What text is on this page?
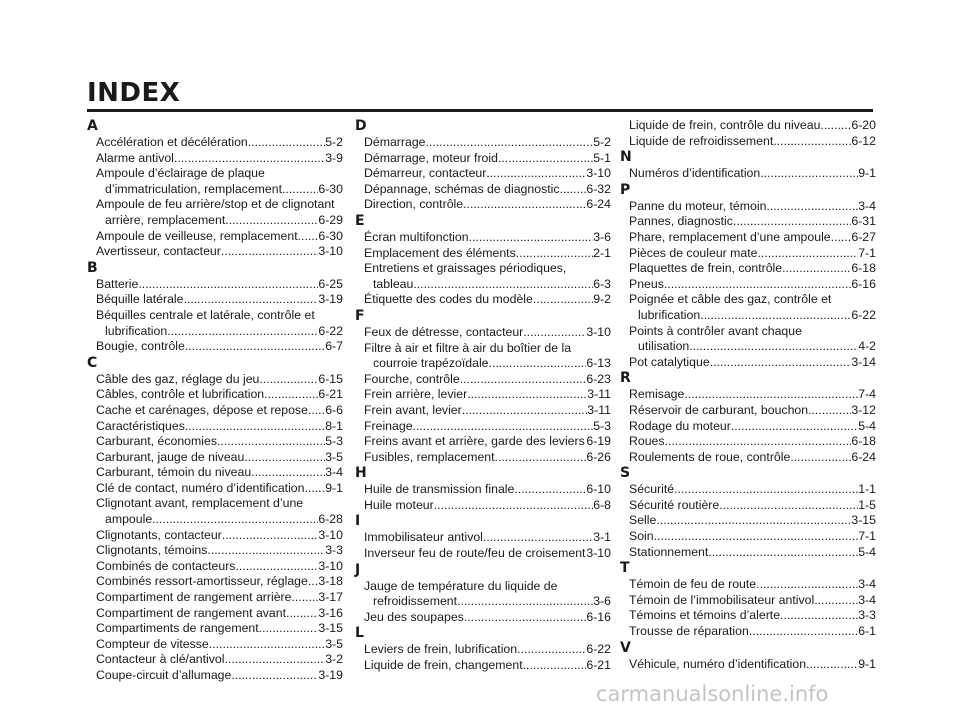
INDEX
A
Accélération et décélération .....	5-2
Alarme antivol .....	3-9
Ampoule d’éclairage de plaque
d’immatriculation, remplacement .....	6-30
Ampoule de feu arrière/stop et de clignotant
arrière, remplacement .....	6-29
Ampoule de veilleuse, remplacement ..... 6-30
Avertisseur, contacteur .....	3-10
B
Batterie .....	6-25
Béquille latérale .....	3-19
Béquilles centrale et latérale, contrôle et
lubrification .....	6-22
Bougie, contrôle .....	6-7
C
Câble des gaz, réglage du jeu .....	6-15
Câbles, contrôle et lubrification .....	6-21
Cache et carénages, dépose et repose ..... 6-6
Caractéristiques .....	8-1
Carburant, économies .....	5-3
Carburant, jauge de niveau .....	3-5
Carburant, témoin du niveau .....	3-4
Clé de contact, numéro d’identification ..... 9-1
Clignotant avant, remplacement d’une
ampoule .....	6-28
Clignotants, contacteur .....	3-10
Clignotants, témoins .....	3-3
Combinés de contacteurs .....	3-10
Combinés ressort-amortisseur, réglage ..... 3-18
Compartiment de rangement arrière ..... 3-17
Compartiment de rangement avant .....	3-16
Compartiments de rangement .....	3-15
Compteur de vitesse .....	3-5
Contacteur à clé/antivol .....	3-2
Coupe-circuit d’allumage .....	3-19
D
Démarrage .....	5-2
Démarrage, moteur froid .....	5-1
Démarreur, contacteur .....	3-10
Dépannage, schémas de diagnostic ..... 6-32
Direction, contrôle .....	6-24
E
Écran multifonction .....	3-6
Emplacement des éléments .....	2-1
Entretiens et graissages périodiques,
tableau .....	6-3
Étiquette des codes du modèle .....	9-2
F
Feux de détresse, contacteur .....	3-10
Filtre à air et filtre à air du boîtier de la
courroie trapézoïdale .....	6-13
Fourche, contrôle .....	6-23
Frein arrière, levier .....	3-11
Frein avant, levier .....	3-11
Freinage .....	5-3
Freins avant et arrière, garde des leviers ..... 6-19
Fusibles, remplacement .....	6-26
H
Huile de transmission finale .....	6-10
Huile moteur .....	6-8
I
Immobilisateur antivol .....	3-1
Inverseur feu de route/feu de croisement ..... 3-10
J
Jauge de température du liquide de
refroidissement .....	3-6
Jeu des soupapes .....	6-16
L
Leviers de frein, lubrification .....	6-22
Liquide de frein, changement .....	6-21
Liquide de frein, contrôle du niveau .....	6-20
Liquide de refroidissement .....	6-12
N
Numéros d’identification .....	9-1
P
Panne du moteur, témoin .....	3-4
Pannes, diagnostic .....	6-31
Phare, remplacement d’une ampoule ..... 6-27
Pièces de couleur mate .....	7-1
Plaquettes de frein, contrôle .....	6-18
Pneus .....	6-16
Poignée et câble des gaz, contrôle et
lubrification .....	6-22
Points à contrôler avant chaque
utilisation .....	4-2
Pot catalytique .....	3-14
R
Remisage .....	7-4
Réservoir de carburant, bouchon .....	3-12
Rodage du moteur .....	5-4
Roues .....	6-18
Roulements de roue, contrôle .....	6-24
S
Sécurité .....	1-1
Sécurité routière .....	1-5
Selle .....	3-15
Soin .....	7-1
Stationnement .....	5-4
T
Témoin de feu de route .....	3-4
Témoin de l’immobilisateur antivol .....	3-4
Témoins et témoins d’alerte .....	3-3
Trousse de réparation .....	6-1
V
Véhicule, numéro d’identification. .....	9-1
carmanualsonline.info
